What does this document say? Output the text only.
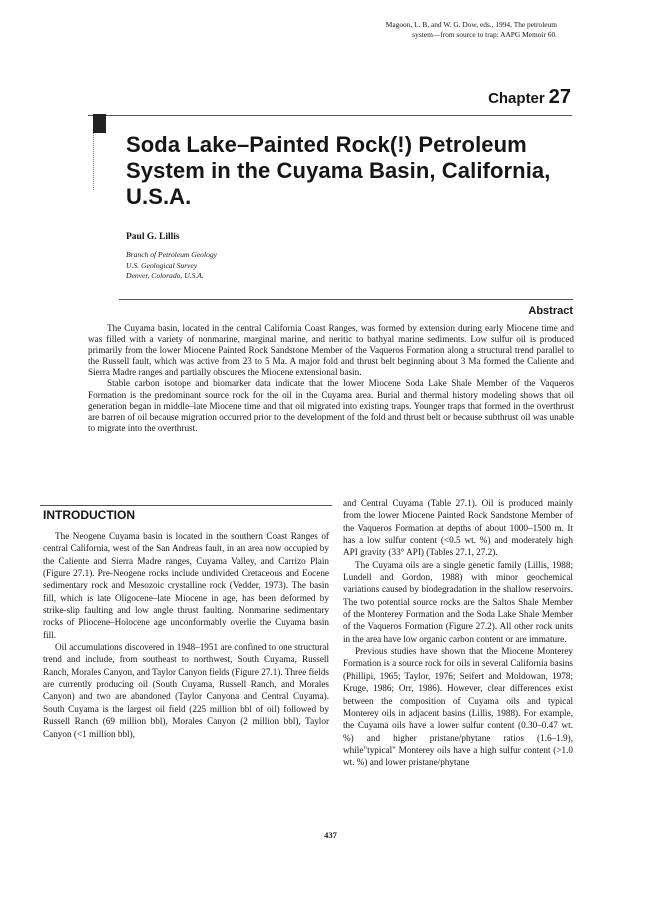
Magoon, L. B, and W. G. Dow, eds., 1994, The petroleum
system—from source to trap: AAPG Memoir 60.
Chapter 27
Soda Lake–Painted Rock(!) Petroleum
System in the Cuyama Basin, California,
U.S.A.
Paul G. Lillis
Branch of Petroleum Geology
U.S. Geological Survey
Denver, Colorado, U.S.A.
Abstract

The Cuyama basin, located in the central California Coast Ranges, was formed by extension during early Miocene time and was filled with a variety of nonmarine, marginal marine, and neritic to bathyal marine sediments. Low sulfur oil is produced primarily from the lower Miocene Painted Rock Sandstone Member of the Vaqueros Formation along a structural trend parallel to the Russell fault, which was active from 23 to 5 Ma. A major fold and thrust belt beginning about 3 Ma formed the Caliente and Sierra Madre ranges and partially obscures the Miocene extensional basin.

Stable carbon isotope and biomarker data indicate that the lower Miocene Soda Lake Shale Member of the Vaqueros Formation is the predominant source rock for the oil in the Cuyama area. Burial and thermal history modeling shows that oil generation began in middle–late Miocene time and that oil migrated into existing traps. Younger traps that formed in the overthrust are barren of oil because migration occurred prior to the development of the fold and thrust belt or because subthrust oil was unable to migrate into the overthrust.

INTRODUCTION

The Neogene Cuyama basin is located in the southern Coast Ranges of central California, west of the San Andreas fault, in an area now occupied by the Caliente and Sierra Madre ranges, Cuyama Valley, and Carrizo Plain (Figure 27.1). Pre-Neogene rocks include undivided Cretaceous and Eocene sedimentary rock and Mesozoic crystalline rock (Vedder, 1973). The basin fill, which is late Oligocene–late Miocene in age, has been deformed by strike-slip faulting and low angle thrust faulting. Nonmarine sedimentary rocks of Pliocene–Holocene age unconformably overlie the Cuyama basin fill.

Oil accumulations discovered in 1948–1951 are confined to one structural trend and include, from southeast to northwest, South Cuyama, Russell Ranch, Morales Canyon, and Taylor Canyon fields (Figure 27.1). Three fields are currently producing oil (South Cuyama, Russell Ranch, and Morales Canyon) and two are abandoned (Taylor Canyona and Central Cuyama). South Cuyama is the largest oil field (225 million bbl of oil) followed by Russell Ranch (69 million bbl), Morales Canyon (2 million bbl), Taylor Canyon (<1 million bbl),

and Central Cuyama (Table 27.1). Oil is produced mainly from the lower Miocene Painted Rock Sandstone Member of the Vaqueros Formation at depths of about 1000–1500 m. It has a low sulfur content (<0.5 wt. %) and moderately high API gravity (33° API) (Tables 27.1, 27.2).

The Cuyama oils are a single genetic family (Lillis, 1988; Lundell and Gordon, 1988) with minor geochemical variations caused by biodegradation in the shallow reservoirs. The two potential source rocks are the Saltos Shale Member of the Monterey Formation and the Soda Lake Shale Member of the Vaqueros Formation (Figure 27.2). All other rock units in the area have low organic carbon content or are immature.

Previous studies have shown that the Miocene Monterey Formation is a source rock for oils in several California basins (Phillipi, 1965; Taylor, 1976; Seifert and Moldowan, 1978; Kruge, 1986; Orr, 1986). However, clear differences exist between the composition of Cuyama oils and typical Monterey oils in adjacent basins (Lillis, 1988). For example, the Cuyama oils have a lower sulfur content (0.30–0.47 wt. %) and higher pristane/phytane ratios (1.6–1.9), while"typical" Monterey oils have a high sulfur content (>1.0 wt. %) and lower pristane/phytane

437
